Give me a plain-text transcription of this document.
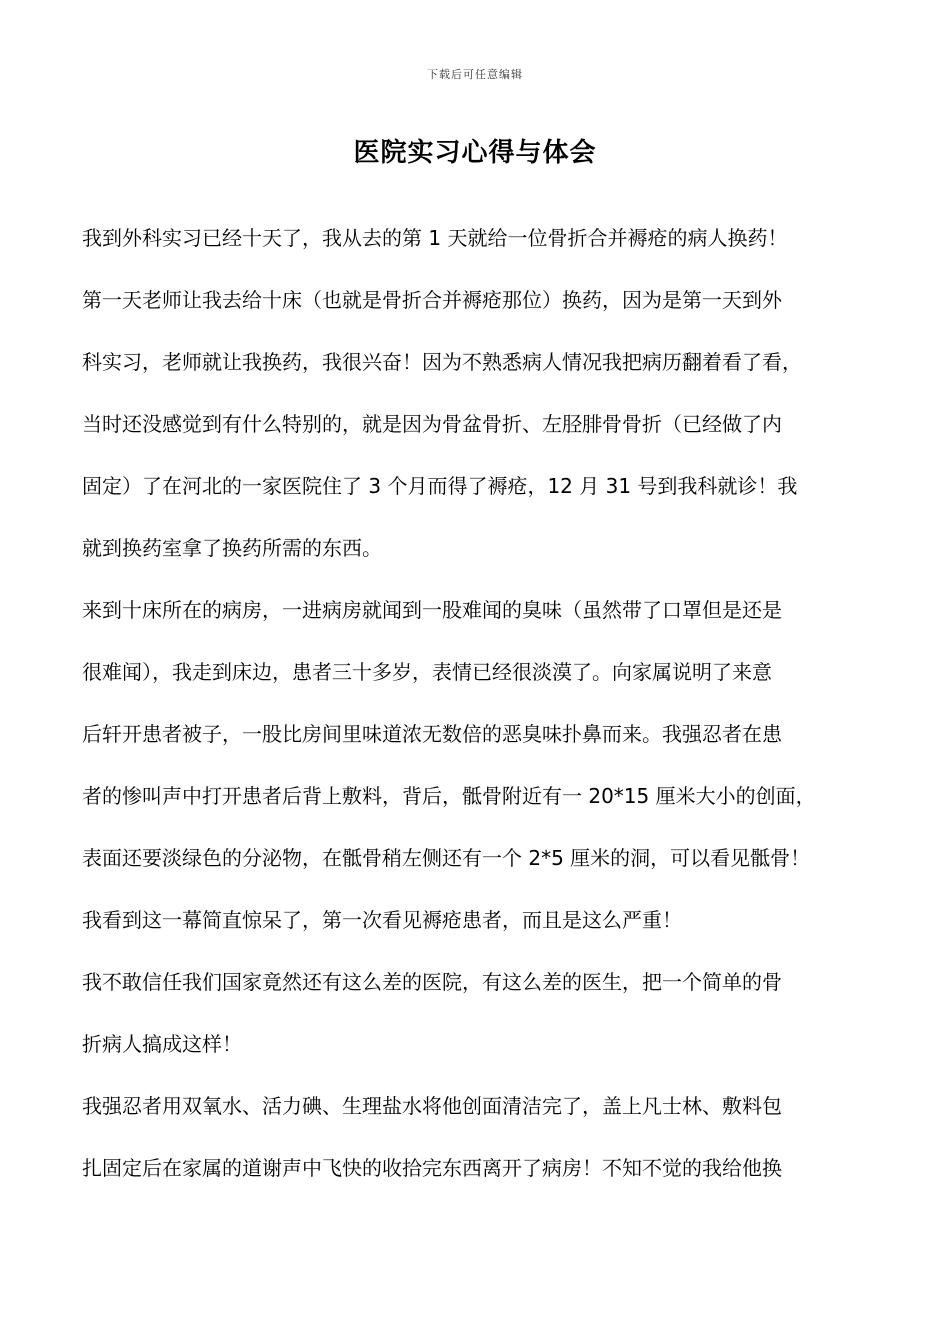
下载后可任意编辑
医院实习心得与体会
我到外科实习已经十天了，我从去的第 1 天就给一位骨折合并褥疮的病人换药！
第一天老师让我去给十床（也就是骨折合并褥疮那位）换药，因为是第一天到外
科实习，老师就让我换药，我很兴奋！因为不熟悉病人情况我把病历翻着看了看，
当时还没感觉到有什么特别的，就是因为骨盆骨折、左胫腓骨骨折（已经做了内
固定）了在河北的一家医院住了 3 个月而得了褥疮，12 月 31 号到我科就诊！我
就到换药室拿了换药所需的东西。
来到十床所在的病房，一进病房就闻到一股难闻的臭味（虽然带了口罩但是还是
很难闻），我走到床边，患者三十多岁，表情已经很淡漠了。向家属说明了来意
后轩开患者被子，一股比房间里味道浓无数倍的恶臭味扑鼻而来。我强忍者在患
者的惨叫声中打开患者后背上敷料，背后，骶骨附近有一 20*15 厘米大小的创面，
表面还要淡绿色的分泌物，在骶骨稍左侧还有一个 2*5 厘米的洞，可以看见骶骨！
我看到这一幕简直惊呆了，第一次看见褥疮患者，而且是这么严重！
我不敢信任我们国家竟然还有这么差的医院，有这么差的医生，把一个简单的骨
折病人搞成这样！
我强忍者用双氧水、活力碘、生理盐水将他创面清洁完了，盖上凡士林、敷料包
扎固定后在家属的道谢声中飞快的收拾完东西离开了病房！不知不觉的我给他换
